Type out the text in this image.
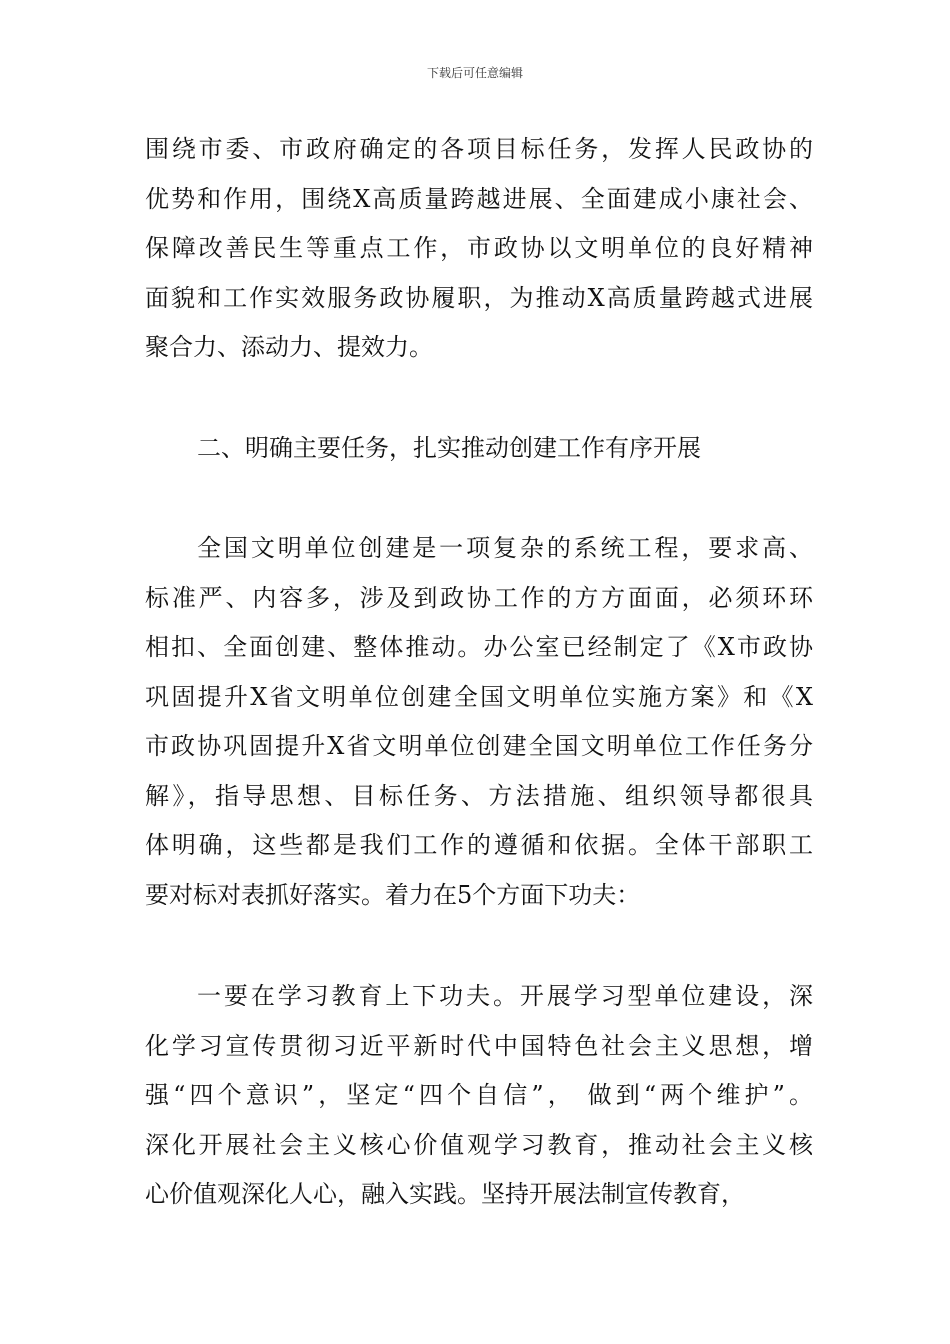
下载后可任意编辑
围绕市委、市政府确定的各项目标任务，发挥人民政协的
优势和作用，围绕X高质量跨越进展、全面建成小康社会、
保障改善民生等重点工作，市政协以文明单位的良好精神
面貌和工作实效服务政协履职，为推动X高质量跨越式进展
聚合力、添动力、提效力。
二、明确主要任务，扎实推动创建工作有序开展
全国文明单位创建是一项复杂的系统工程，要求高、
标准严、内容多，涉及到政协工作的方方面面，必须环环
相扣、全面创建、整体推动。办公室已经制定了《X市政协
巩固提升X省文明单位创建全国文明单位实施方案》和《X
市政协巩固提升X省文明单位创建全国文明单位工作任务分
解》，指导思想、目标任务、方法措施、组织领导都很具
体明确，这些都是我们工作的遵循和依据。全体干部职工
要对标对表抓好落实。着力在5个方面下功夫：
一要在学习教育上下功夫。开展学习型单位建设，深
化学习宣传贯彻习近平新时代中国特色社会主义思想，增
强“四个意识”，坚定“四个自信”， 做到“两个维护”。
深化开展社会主义核心价值观学习教育，推动社会主义核
心价值观深化人心，融入实践。坚持开展法制宣传教育，
